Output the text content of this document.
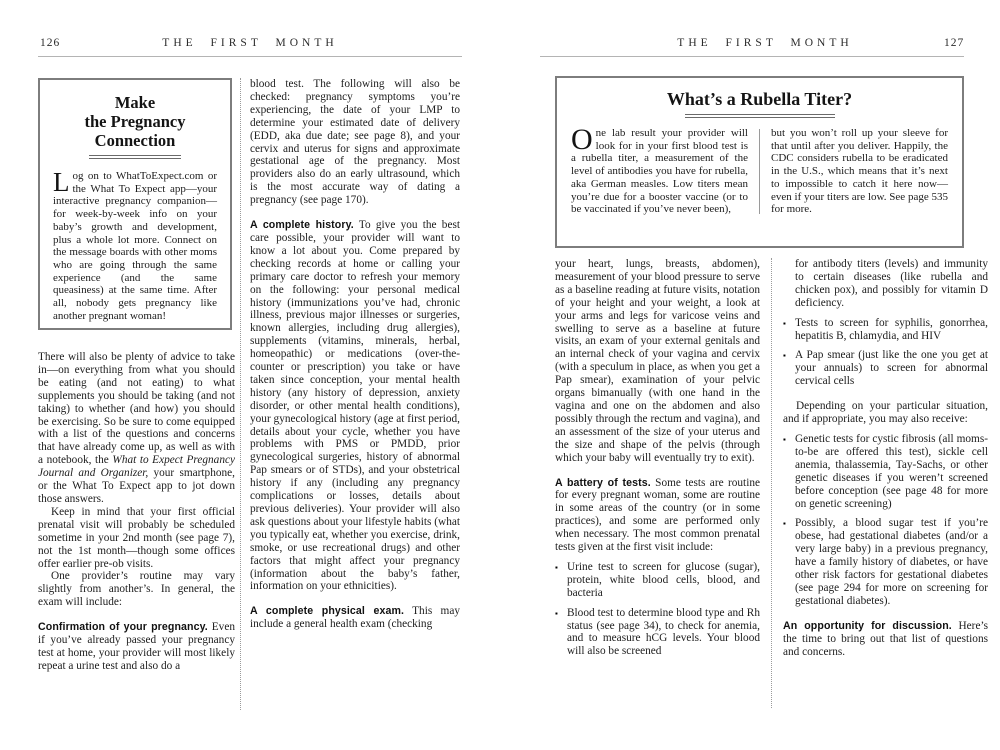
126	THE FIRST MONTH
Make
the Pregnancy
Connection
Log on to WhatToExpect.com or the What To Expect app—your interactive pregnancy companion—for week-by-week info on your baby’s growth and development, plus a whole lot more. Connect on the message boards with other moms who are going through the same experience (and the same queasiness) at the same time. After all, nobody gets pregnancy like another pregnant woman!

There will also be plenty of advice to take in—on everything from what you should be eating (and not eating) to what supplements you should be taking (and not taking) to whether (and how) you should be exercising. So be sure to come equipped with a list of the questions and concerns that have already come up, as well as with a notebook, the What to Expect Pregnancy Journal and Organizer, your smartphone, or the What To Expect app to jot down those answers.

Keep in mind that your first official prenatal visit will probably be scheduled sometime in your 2nd month (see page 7), not the 1st month—though some offices offer earlier pre-ob visits.

One provider’s routine may vary slightly from another’s. In general, the exam will include:

Confirmation of your pregnancy. Even if you’ve already passed your pregnancy test at home, your provider will most likely repeat a urine test and also do a

blood test. The following will also be checked: pregnancy symptoms you’re experiencing, the date of your LMP to determine your estimated date of delivery (EDD, aka due date; see page 8), and your cervix and uterus for signs and approximate gestational age of the pregnancy. Most providers also do an early ultrasound, which is the most accurate way of dating a pregnancy (see page 170).

A complete history. To give you the best care possible, your provider will want to know a lot about you. Come prepared by checking records at home or calling your primary care doctor to refresh your memory on the following: your personal medical history (immunizations you’ve had, chronic illness, previous major illnesses or surgeries, known allergies, including drug allergies), supplements (vitamins, minerals, herbal, homeopathic) or medications (over-the-counter or prescription) you take or have taken since conception, your mental health history (any history of depression, anxiety disorder, or other mental health conditions), your gynecological history (age at first period, details about your cycle, whether you have problems with PMS or PMDD, prior gynecological surgeries, history of abnormal Pap smears or of STDs), and your obstetrical history if any (including any pregnancy complications or losses, details about previous deliveries). Your provider will also ask questions about your lifestyle habits (what you typically eat, whether you exercise, drink, smoke, or use recreational drugs) and other factors that might affect your pregnancy (information about the baby’s father, information on your ethnicities).

A complete physical exam. This may include a general health exam (checking

THE FIRST MONTH	127
What’s a Rubella Titer?
One lab result your provider will look for in your first blood test is a rubella titer, a measurement of the level of antibodies you have for rubella, aka German measles. Low titers mean you’re due for a booster vaccine (or to be vaccinated if you’ve never been),
but you won’t roll up your sleeve for that until after you deliver. Happily, the CDC considers rubella to be eradicated in the U.S., which means that it’s next to impossible to catch it here now—even if your titers are low. See page 535 for more.

your heart, lungs, breasts, abdomen), measurement of your blood pressure to serve as a baseline reading at future visits, notation of your height and your weight, a look at your arms and legs for varicose veins and swelling to serve as a baseline at future visits, an exam of your external genitals and an internal check of your vagina and cervix (with a speculum in place, as when you get a Pap smear), examination of your pelvic organs bimanually (with one hand in the vagina and one on the abdomen and also possibly through the rectum and vagina), and an assessment of the size of your uterus and the size and shape of the pelvis (through which your baby will eventually try to exit).

A battery of tests. Some tests are routine for every pregnant woman, some are routine in some areas of the country (or in some practices), and some are performed only when necessary. The most common prenatal tests given at the first visit include:

▪ Urine test to screen for glucose (sugar), protein, white blood cells, blood, and bacteria

▪ Blood test to determine blood type and Rh status (see page 34), to check for anemia, and to measure hCG levels. Your blood will also be screened

for antibody titers (levels) and immunity to certain diseases (like rubella and chicken pox), and possibly for vitamin D deficiency.

▪ Tests to screen for syphilis, gonorrhea, hepatitis B, chlamydia, and HIV

▪ A Pap smear (just like the one you get at your annuals) to screen for abnormal cervical cells

Depending on your particular situation, and if appropriate, you may also receive:

▪ Genetic tests for cystic fibrosis (all moms-to-be are offered this test), sickle cell anemia, thalassemia, Tay-Sachs, or other genetic diseases if you weren’t screened before conception (see page 48 for more on genetic screening)

▪ Possibly, a blood sugar test if you’re obese, had gestational diabetes (and/or a very large baby) in a previous pregnancy, have a family history of diabetes, or have other risk factors for gestational diabetes (see page 294 for more on screening for gestational diabetes).

An opportunity for discussion. Here’s the time to bring out that list of questions and concerns.
